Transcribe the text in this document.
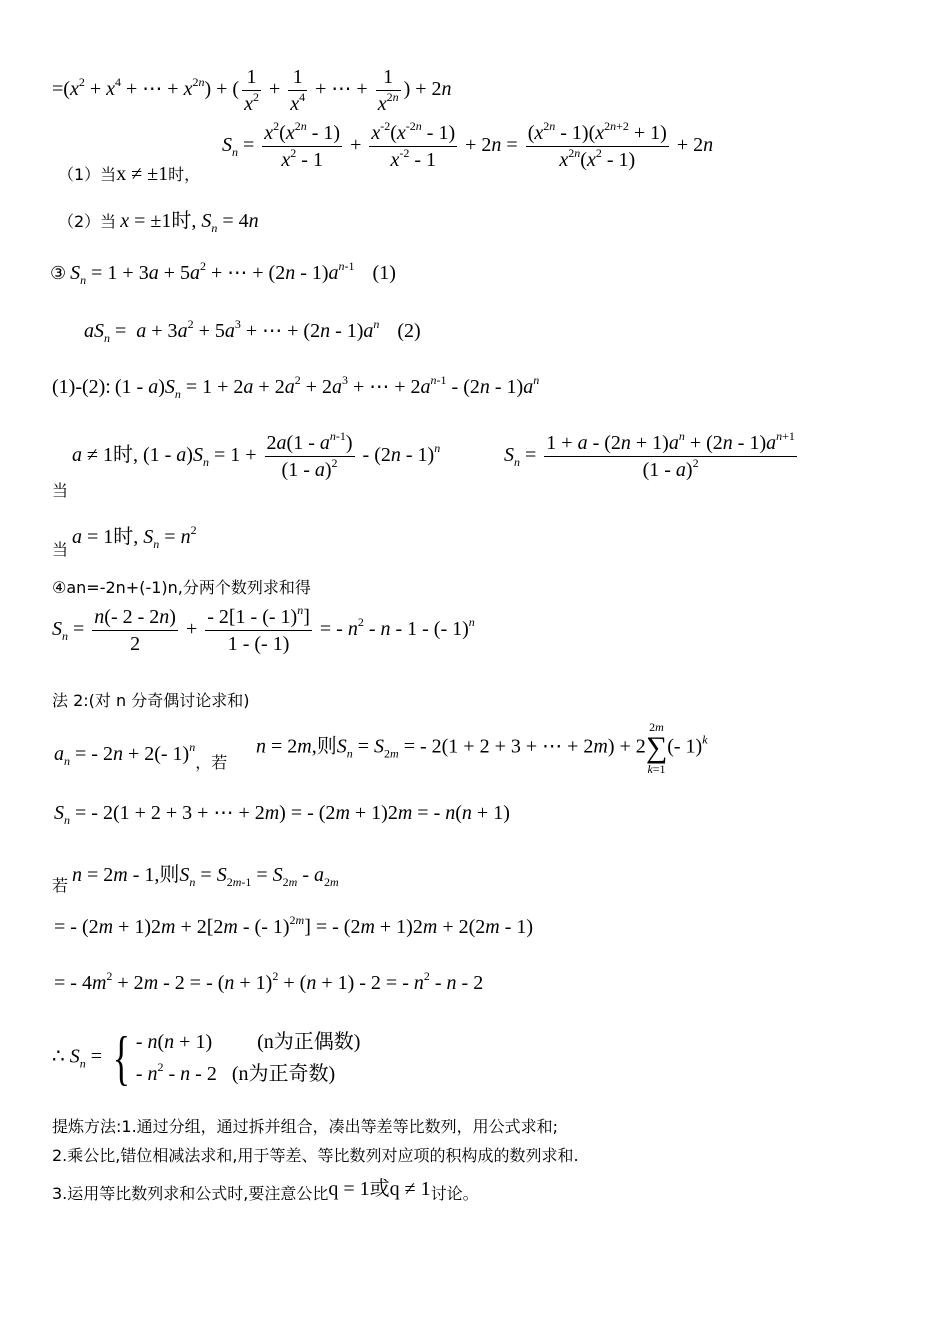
$=(x^2 + x^4$ + ⋯ + $x^{2n}$) + ( $\frac{1}{x^2} + \frac{1}{x^4}$ + ⋯ + $\frac{1}{x^{2n}}$ ) + 2n
$S_n = \frac{x^2(x^{2n} - 1)}{x^2 - 1} + \frac{x^{-2}(x^{-2n} - 1)}{x^{-2} - 1} + 2n = \frac{(x^{2n} - 1)(x^{2n+2} + 1)}{x^{2n}(x^2 - 1)} + 2n$
（1）当x ≠ ±1时，
（2）当 x = ±1时, $S_n = 4n$
③ $S_n = 1 + 3a + 5a^2$ + ⋯ + $(2n - 1)a^{n-1}$ (1)
$aS_n = a + 3a^2 + 5a^3$ + ⋯ + $(2n - 1)a^n$ (2)
(1)-(2): $(1 - a)S_n = 1 + 2a + 2a^2 + 2a^3$ + ⋯ + $2a^{n-1} - (2n - 1)a^n$
当
a ≠ 1时, $(1 - a)S_n = 1 + \frac{2a(1 - a^{n-1})}{(1 - a)^2} - (2n - 1)^n$	$S_n = \frac{1 + a - (2n + 1)a^n + (2n - 1)a^{n+1}}{(1 - a)^2}$
当 a = 1时, $S_n = n^2$
④an=-2n+(-1)n,分两个数列求和得
$S_n = \frac{n(- 2 - 2n)}{2} + \frac{- 2[1 - (- 1)^n]}{1 - (- 1)}$ = - $n^2$ - n - 1 - (- 1)$^n$
法 2:(对 n 分奇偶讨论求和)
$a_n$ = - 2n + 2(- 1)$^n$，若
n = 2m,则$S_n = S_{2m}$ = - 2(1 + 2 + 3 + ⋯ + 2m) + 2
2m
∑
k=1
(- 1)$^k$
$S_n$ = - 2(1 + 2 + 3 + ⋯ + 2m) = - (2m + 1)2m = - n(n + 1)
若 n = 2m - 1,则$S_n = S_{2m-1} = S_{2m} - a_{2m}$
= - (2m + 1)2m + 2[2m - (- 1)$^{2m}$] = - (2m + 1)2m + 2(2m - 1)
= - $4m^2 + 2m - 2$ = - $(n + 1)^2 + (n + 1) - 2$ = - $n^2$ - n - 2
∴ $S_n$ = { - n(n + 1)         (n为正偶数)
- $n^2$ - n - 2   (n为正奇数)
提炼方法:1.通过分组，通过拆并组合，凑出等差等比数列，用公式求和;
2.乘公比,错位相减法求和,用于等差、等比数列对应项的积构成的数列求和.
3.运用等比数列求和公式时,要注意公比q = 1或q ≠ 1讨论。
